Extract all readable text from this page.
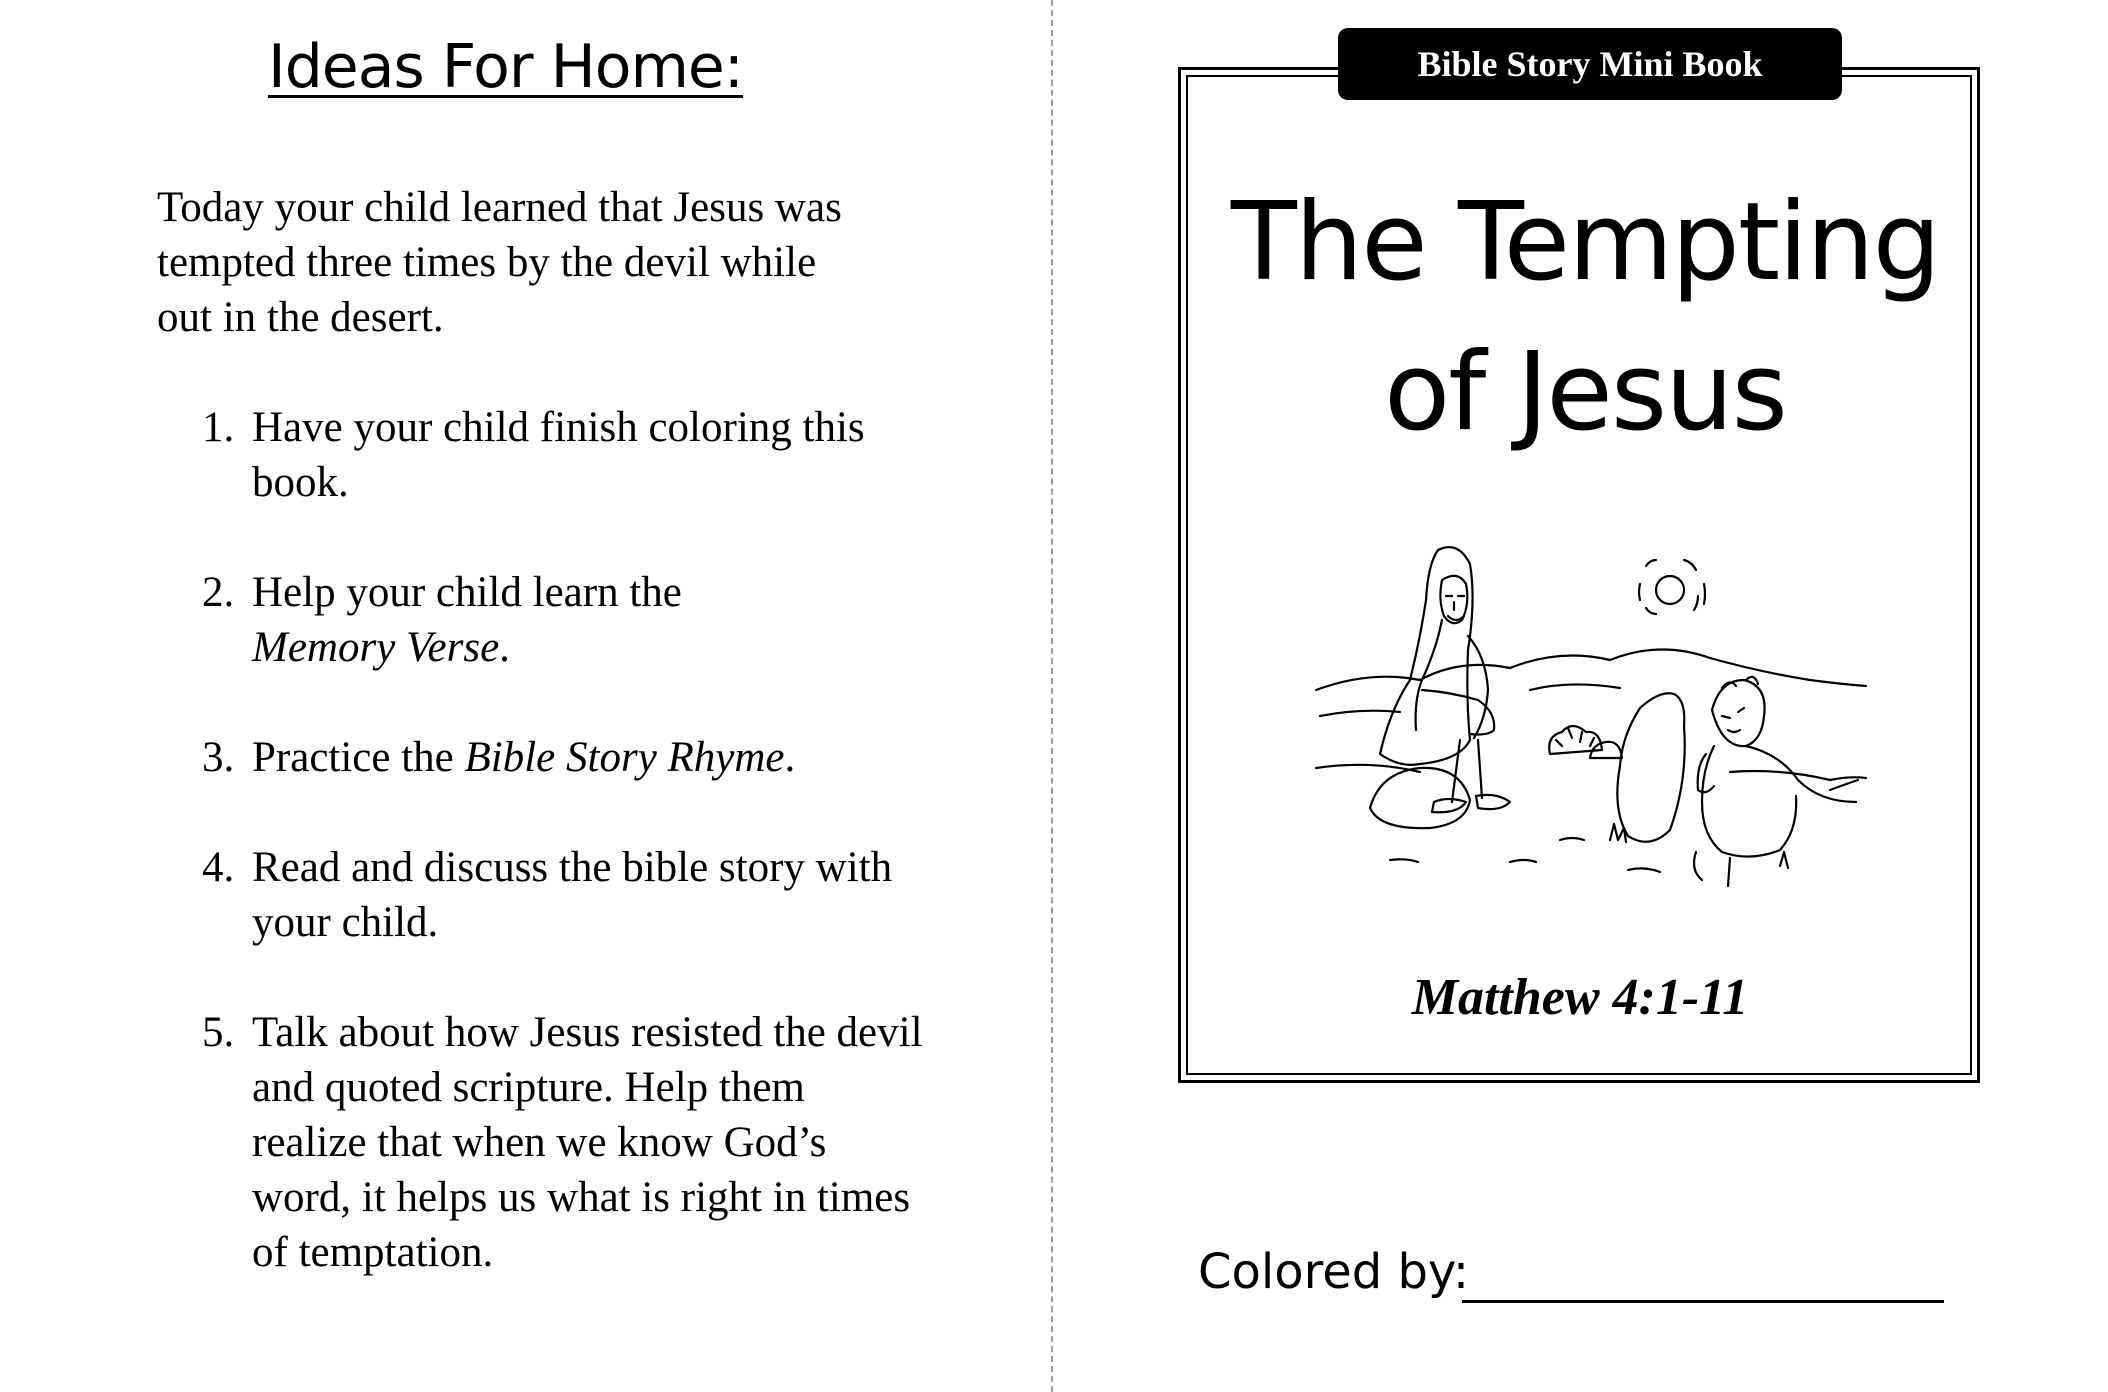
Ideas For Home:

Today your child learned that Jesus was tempted three times by the devil while out in the desert.

1. Have your child finish coloring this book.
2. Help your child learn the
Memory Verse.
3. Practice the Bible Story Rhyme.
4. Read and discuss the bible story with your child.
5. Talk about how Jesus resisted the devil and quoted scripture. Help them realize that when we know God’s word, it helps us what is right in times of temptation.
Bible Story Mini Book
The Tempting
of Jesus
Matthew 4:1-11
Colored by:
